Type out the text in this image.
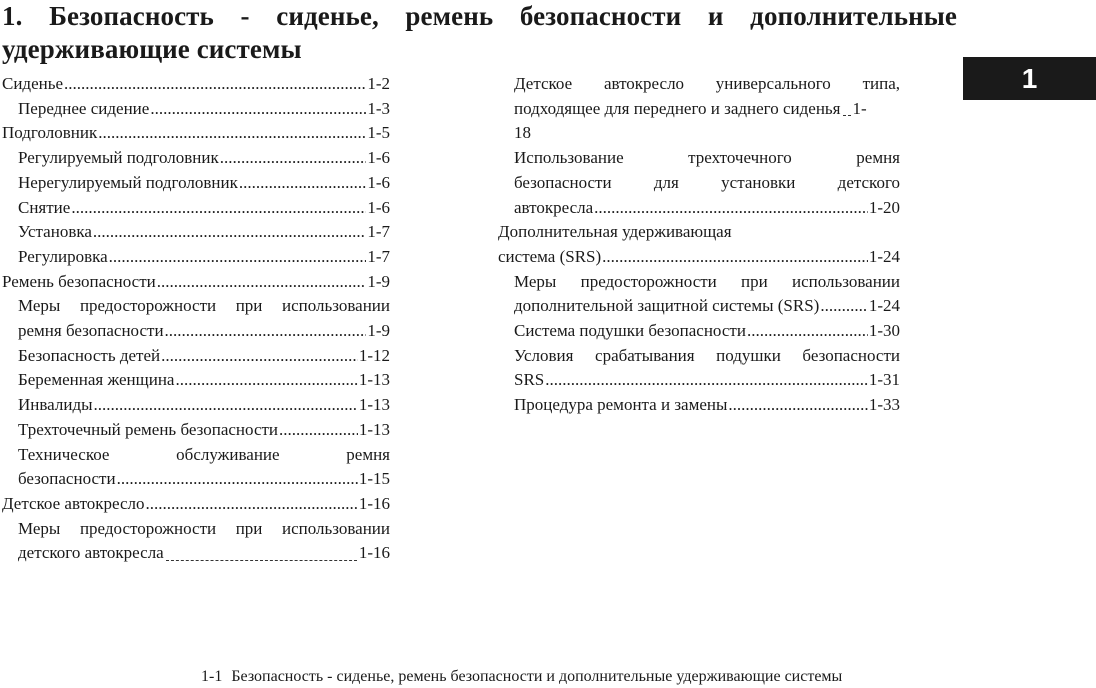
1. Безопасность - сиденье, ремень безопасности и дополнительные удерживающие системы
1
Сиденье .....	1-2
Переднее сидение .....	1-3
Подголовник .....	1-5
Регулируемый подголовник .....	1-6
Нерегулируемый подголовник .....	1-6
Снятие .....	1-6
Установка .....	1-7
Регулировка .....	1-7
Ремень безопасности .....	1-9
Меры предосторожности при использовании
ремня безопасности .....	1-9
Безопасность детей .....	1-12
Беременная женщина .....	1-13
Инвалиды .....	1-13
Трехточечный ремень безопасности .....	1-13
Техническое обслуживание ремня
безопасности .....	1-15
Детское автокресло .....	1-16
Меры предосторожности при использовании
детского автокресла	1-16
Детское автокресло универсального типа,
подходящее для переднего и заднего сиденья 1-
18
Использование трехточечного ремня
безопасности для установки детского
автокресла .....	1-20
Дополнительная удерживающая
система (SRS) .....	1-24
Меры предосторожности при использовании
дополнительной защитной системы (SRS) .....	1-24
Система подушки безопасности .....	1-30
Условия срабатывания подушки безопасности
SRS .....	1-31
Процедура ремонта и замены .....	1-33
1-1 Безопасность - сиденье, ремень безопасности и дополнительные удерживающие системы
